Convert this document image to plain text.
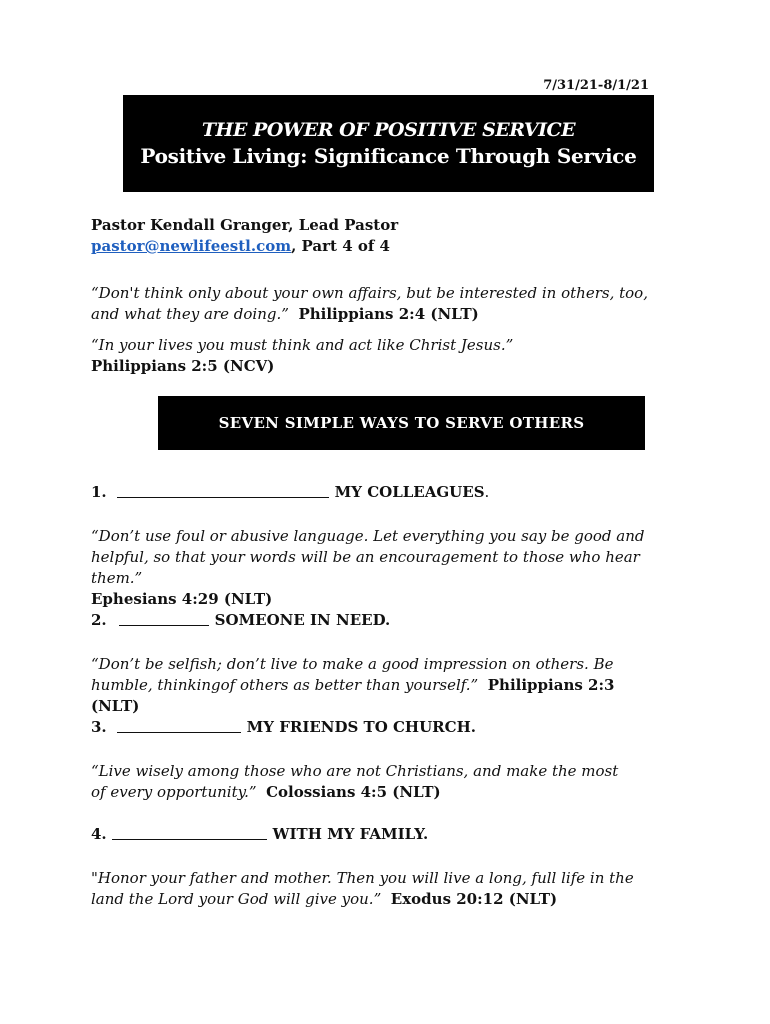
7/31/21-8/1/21
THE POWER OF POSITIVE SERVICE
Positive Living: Significance Through Service
Pastor Kendall Granger, Lead Pastor
pastor@newlifeestl.com, Part 4 of 4
“Don't think only about your own affairs, but be interested in others, too, and what they are doing.” Philippians 2:4 (NLT)
“In your lives you must think and act like Christ Jesus.”
Philippians 2:5 (NCV)
SEVEN SIMPLE WAYS TO SERVE OTHERS
1.	MY COLLEAGUES .
“Don’t use foul or abusive language. Let everything you say be good and helpful, so that your words will be an encouragement to those who hear them.”
Ephesians 4:29 (NLT)
2.	SOMEONE IN NEED.
“Don’t be selfish; don’t live to make a good impression on others. Be humble, thinkingof others as better than yourself.” Philippians 2:3 (NLT)
3.	MY FRIENDS TO CHURCH.
“Live wisely among those who are not Christians, and make the most of every opportunity.” Colossians 4:5 (NLT)
4.	WITH MY FAMILY.
"Honor your father and mother. Then you will live a long, full life in the land the Lord your God will give you.” Exodus 20:12 (NLT)
